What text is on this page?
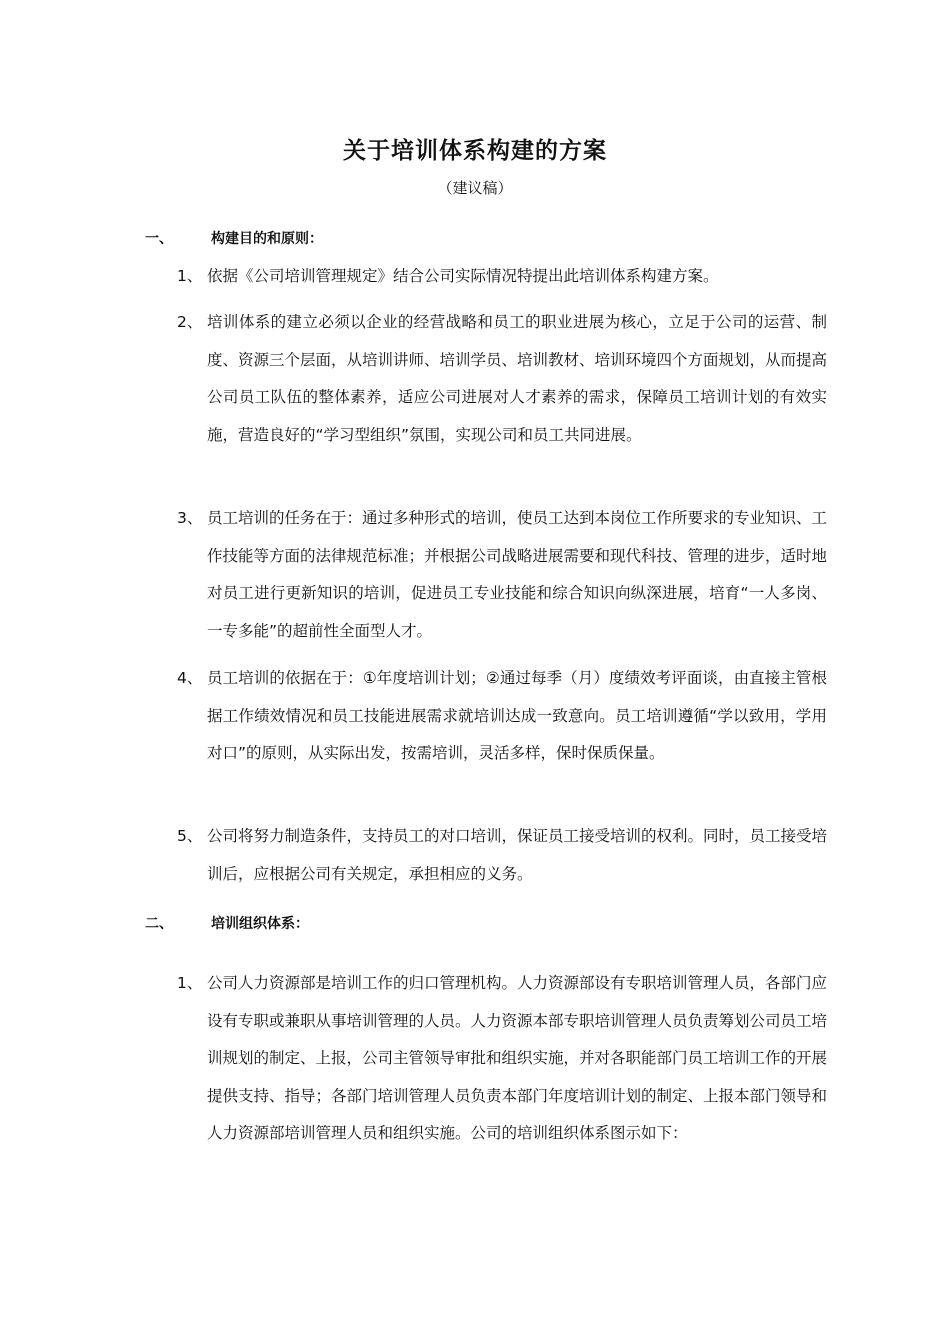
关于培训体系构建的方案
（建议稿）
一、	构建目的和原则：
1、 依据《公司培训管理规定》结合公司实际情况特提出此培训体系构建方案。
2、 培训体系的建立必须以企业的经营战略和员工的职业进展为核心，立足于公司的运营、制度、资源三个层面，从培训讲师、培训学员、培训教材、培训环境四个方面规划，从而提高公司员工队伍的整体素养，适应公司进展对人才素养的需求，保障员工培训计划的有效实施，营造良好的“学习型组织”氛围，实现公司和员工共同进展。
3、 员工培训的任务在于：通过多种形式的培训，使员工达到本岗位工作所要求的专业知识、工作技能等方面的法律规范标准；并根据公司战略进展需要和现代科技、管理的进步，适时地对员工进行更新知识的培训，促进员工专业技能和综合知识向纵深进展，培育“一人多岗、一专多能”的超前性全面型人才。
4、 员工培训的依据在于：①年度培训计划；②通过每季（月）度绩效考评面谈，由直接主管根据工作绩效情况和员工技能进展需求就培训达成一致意向。员工培训遵循“学以致用，学用对口”的原则，从实际出发，按需培训，灵活多样，保时保质保量。
5、 公司将努力制造条件，支持员工的对口培训，保证员工接受培训的权利。同时，员工接受培训后，应根据公司有关规定，承担相应的义务。
二、	培训组织体系：
1、 公司人力资源部是培训工作的归口管理机构。人力资源部设有专职培训管理人员，各部门应设有专职或兼职从事培训管理的人员。人力资源本部专职培训管理人员负责筹划公司员工培训规划的制定、上报，公司主管领导审批和组织实施，并对各职能部门员工培训工作的开展提供支持、指导；各部门培训管理人员负责本部门年度培训计划的制定、上报本部门领导和人力资源部培训管理人员和组织实施。公司的培训组织体系图示如下：
